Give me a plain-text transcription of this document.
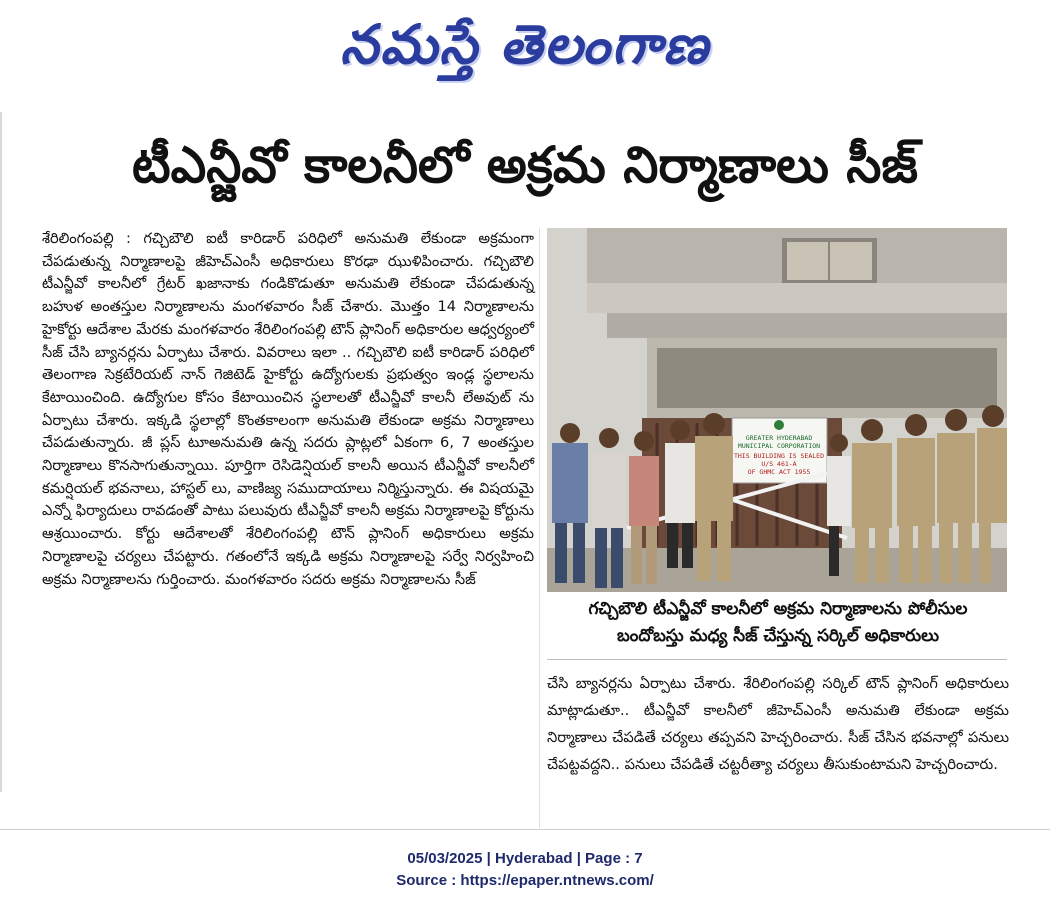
నమస్తే తెలంగాణ
టీఎన్జీవో కాలనీలో అక్రమ నిర్మాణాలు సీజ్

శేరిలింగంపల్లి : గచ్చిబౌలి ఐటీ కారిడార్ పరిధిలో అనుమతి లేకుండా అక్రమంగా చేపడుతున్న నిర్మాణాలపై జీహెచ్ఎంసీ అధికారులు కొరఢా ఝుళిపించారు. గచ్చిబౌలి టీఎన్జీవో కాలనీలో గ్రేటర్ ఖజానాకు గండికొడుతూ అనుమతి లేకుండా చేపడుతున్న బహుళ అంతస్తుల నిర్మాణాలను మంగళవారం సీజ్ చేశారు. మొత్తం 14 నిర్మాణాలను హైకోర్టు ఆదేశాల మేరకు మంగళవారం శేరిలింగంపల్లి టౌన్ ప్లానింగ్ అధికారుల ఆధ్వర్యంలో సీజ్ చేసి బ్యానర్లను ఏర్పాటు చేశారు. వివరాలు ఇలా .. గచ్చిబౌలి ఐటీ కారిడార్ పరిధిలో తెలంగాణ సెక్రటేరియట్ నాన్ గెజిటెడ్ హైకోర్టు ఉద్యోగులకు ప్రభుత్వం ఇండ్ల స్థలాలను కేటాయించింది. ఉద్యోగుల కోసం కేటాయించిన స్థలాలతో టీఎన్జీవో కాలనీ లేఅవుట్ ను ఏర్పాటు చేశారు. ఇక్కడి స్థలాల్లో కొంతకాలంగా అనుమతి లేకుండా అక్రమ నిర్మాణాలు చేపడుతున్నారు. జీ ప్లస్ టూఅనుమతి ఉన్న సదరు ప్లాట్లలో ఏకంగా 6, 7 అంతస్తుల నిర్మాణాలు కొనసాగుతున్నాయి. పూర్తిగా రెసిడెన్షియల్ కాలనీ అయిన టీఎన్జీవో కాలనీలో కమర్షియల్ భవనాలు, హాస్టల్ లు, వాణిజ్య సముదాయాలు నిర్మిస్తున్నారు. ఈ విషయమై ఎన్నో ఫిర్యాదులు రావడంతో పాటు పలువురు టీఎన్జీవో కాలనీ అక్రమ నిర్మాణాలపై కోర్టును ఆశ్రయించారు. కోర్టు ఆదేశాలతో శేరిలింగంపల్లి టౌన్ ప్లానింగ్ అధికారులు అక్రమ నిర్మాణాలపై చర్యలు చేపట్టారు. గతంలోనే ఇక్కడి అక్రమ నిర్మాణాలపై సర్వే నిర్వహించి అక్రమ నిర్మాణాలను గుర్తించారు. మంగళవారం సదరు అక్రమ నిర్మాణాలను సీజ్

GREATER HYDERABAD
MUNICIPAL CORPORATION
THIS BUILDING IS SEALED
U/S 461-A
OF GHMC ACT 1955
గచ్చిబౌలి టీఎన్జీవో కాలనీలో అక్రమ నిర్మాణాలను పోలీసుల బందోబస్తు మధ్య సీజ్ చేస్తున్న సర్కిల్ అధికారులు

చేసి బ్యానర్లను ఏర్పాటు చేశారు. శేరిలింగంపల్లి సర్కిల్ టౌన్ ప్లానింగ్ అధికారులు మాట్లాడుతూ.. టీఎన్జీవో కాలనీలో జీహెచ్ఎంసీ అనుమతి లేకుండా అక్రమ నిర్మాణాలు చేపడితే చర్యలు తప్పవని హెచ్చరించారు. సీజ్ చేసిన భవనాల్లో పనులు చేపట్టవద్దని.. పనులు చేపడితే చట్టరీత్యా చర్యలు తీసుకుంటామని హెచ్చరించారు.

05/03/2025 | Hyderabad | Page : 7
Source : https://epaper.ntnews.com/
